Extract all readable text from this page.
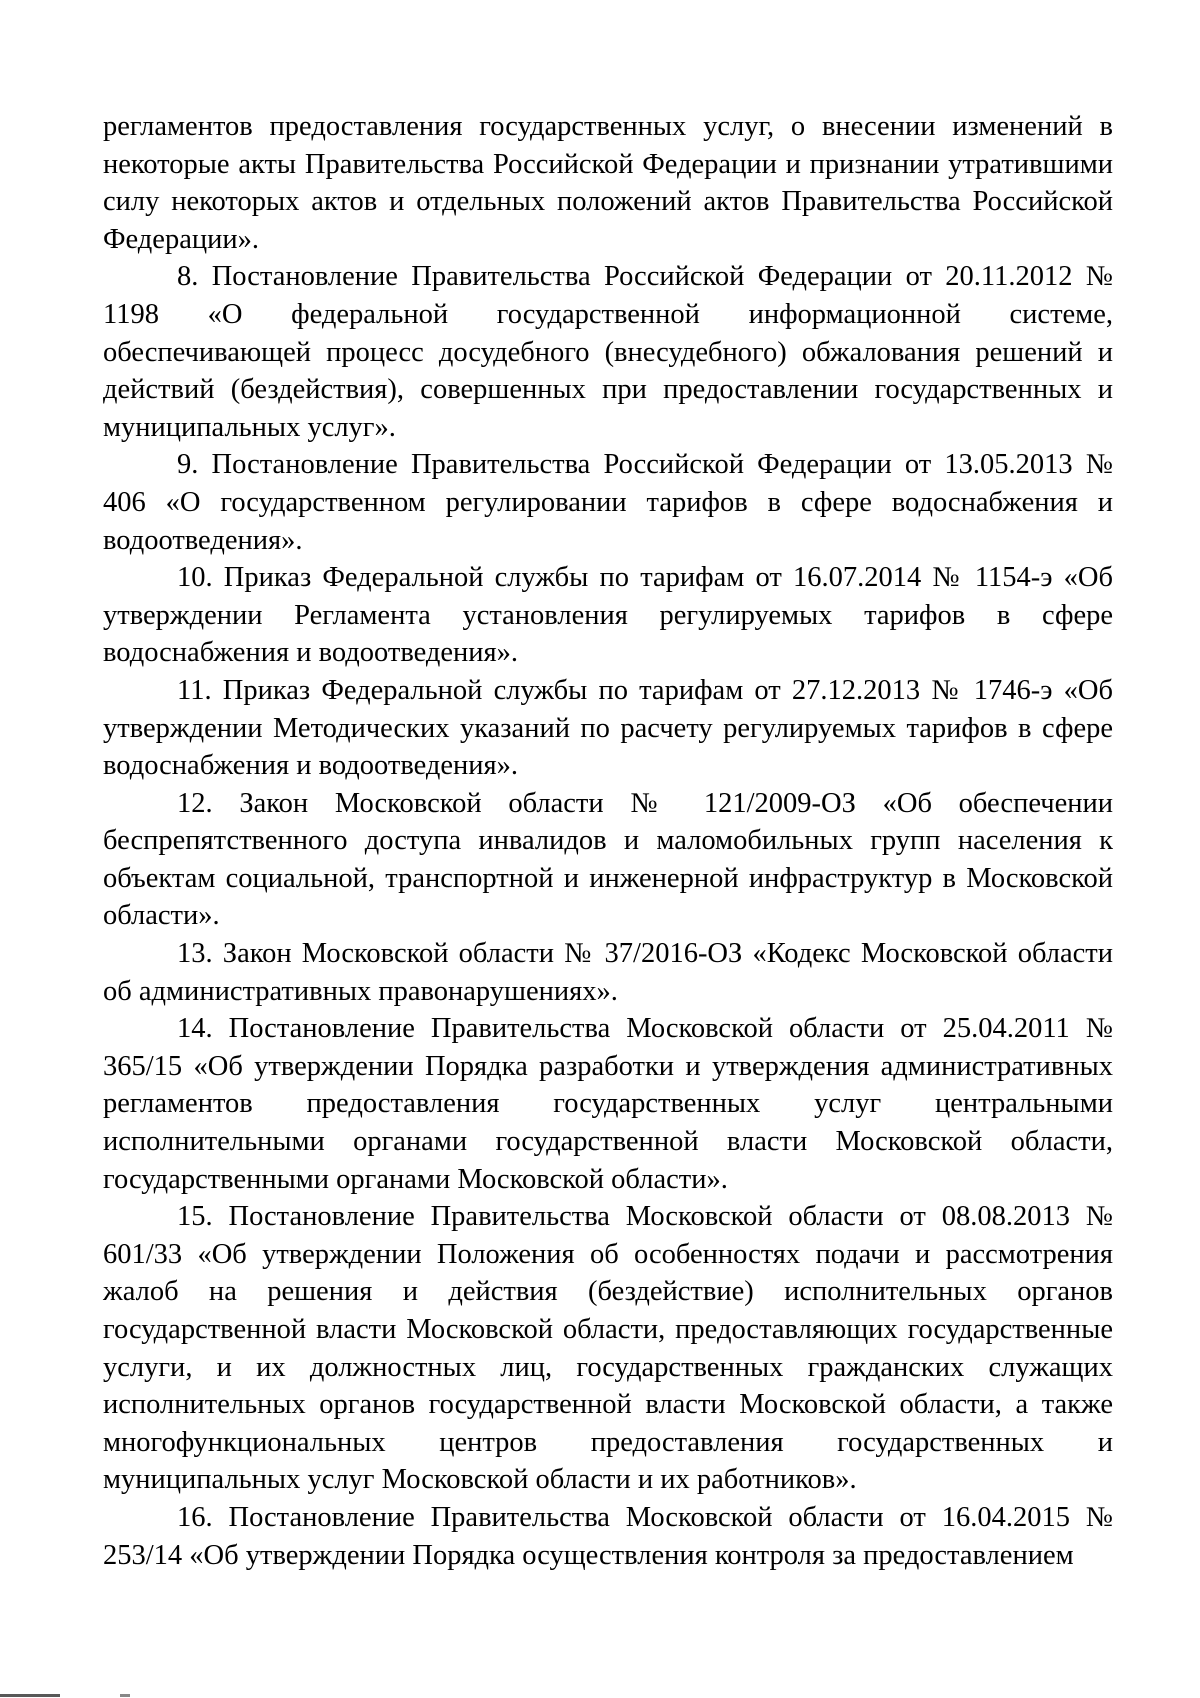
регламентов предоставления государственных услуг, о внесении изменений в некоторые акты Правительства Российской Федерации и признании утратившими силу некоторых актов и отдельных положений актов Правительства Российской Федерации».

8. Постановление Правительства Российской Федерации от 20.11.2012 № 1198 «О федеральной государственной информационной системе, обеспечивающей процесс досудебного (внесудебного) обжалования решений и действий (бездействия), совершенных при предоставлении государственных и муниципальных услуг».

9. Постановление Правительства Российской Федерации от 13.05.2013 № 406 «О государственном регулировании тарифов в сфере водоснабжения и водоотведения».

10. Приказ Федеральной службы по тарифам от 16.07.2014 № 1154-э «Об утверждении Регламента установления регулируемых тарифов в сфере водоснабжения и водоотведения».

11. Приказ Федеральной службы по тарифам от 27.12.2013 № 1746-э «Об утверждении Методических указаний по расчету регулируемых тарифов в сфере водоснабжения и водоотведения».

12. Закон Московской области № 121/2009-ОЗ «Об обеспечении беспрепятственного доступа инвалидов и маломобильных групп населения к объектам социальной, транспортной и инженерной инфраструктур в Московской области».

13. Закон Московской области № 37/2016-ОЗ «Кодекс Московской области об административных правонарушениях».

14. Постановление Правительства Московской области от 25.04.2011 № 365/15 «Об утверждении Порядка разработки и утверждения административных регламентов предоставления государственных услуг центральными исполнительными органами государственной власти Московской области, государственными органами Московской области».

15. Постановление Правительства Московской области от 08.08.2013 № 601/33 «Об утверждении Положения об особенностях подачи и рассмотрения жалоб на решения и действия (бездействие) исполнительных органов государственной власти Московской области, предоставляющих государственные услуги, и их должностных лиц, государственных гражданских служащих исполнительных органов государственной власти Московской области, а также многофункциональных центров предоставления государственных и муниципальных услуг Московской области и их работников».

16. Постановление Правительства Московской области от 16.04.2015 № 253/14 «Об утверждении Порядка осуществления контроля за предоставлением
